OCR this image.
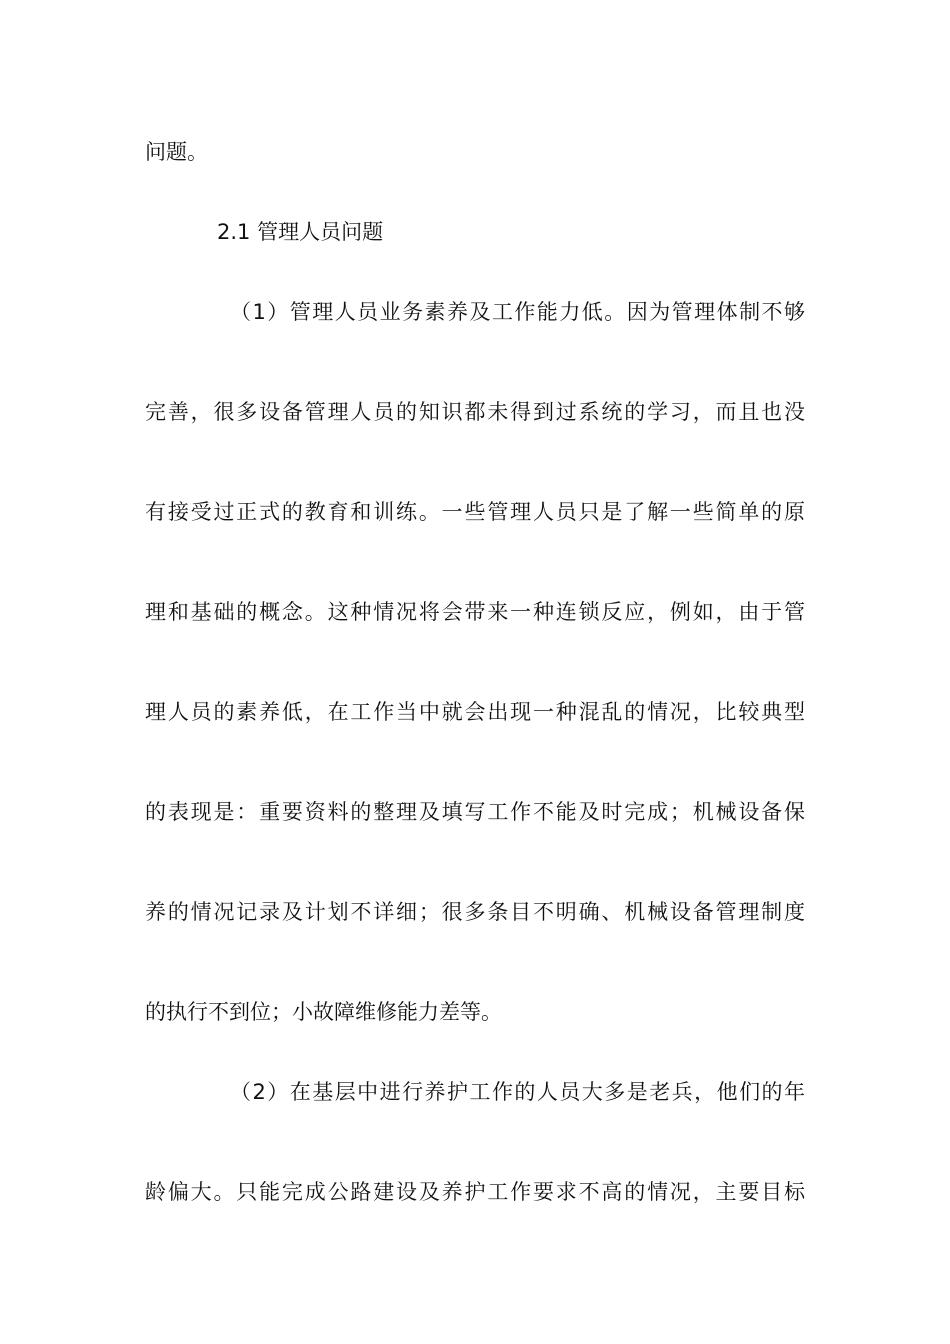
问题。
2.1 管理人员问题
（1）管理人员业务素养及工作能力低。因为管理体制不够
完善，很多设备管理人员的知识都未得到过系统的学习，而且也没
有接受过正式的教育和训练。一些管理人员只是了解一些简单的原
理和基础的概念。这种情况将会带来一种连锁反应，例如，由于管
理人员的素养低，在工作当中就会出现一种混乱的情况，比较典型
的表现是：重要资料的整理及填写工作不能及时完成；机械设备保
养的情况记录及计划不详细；很多条目不明确、机械设备管理制度
的执行不到位；小故障维修能力差等。
（2）在基层中进行养护工作的人员大多是老兵，他们的年
龄偏大。只能完成公路建设及养护工作要求不高的情况，主要目标
